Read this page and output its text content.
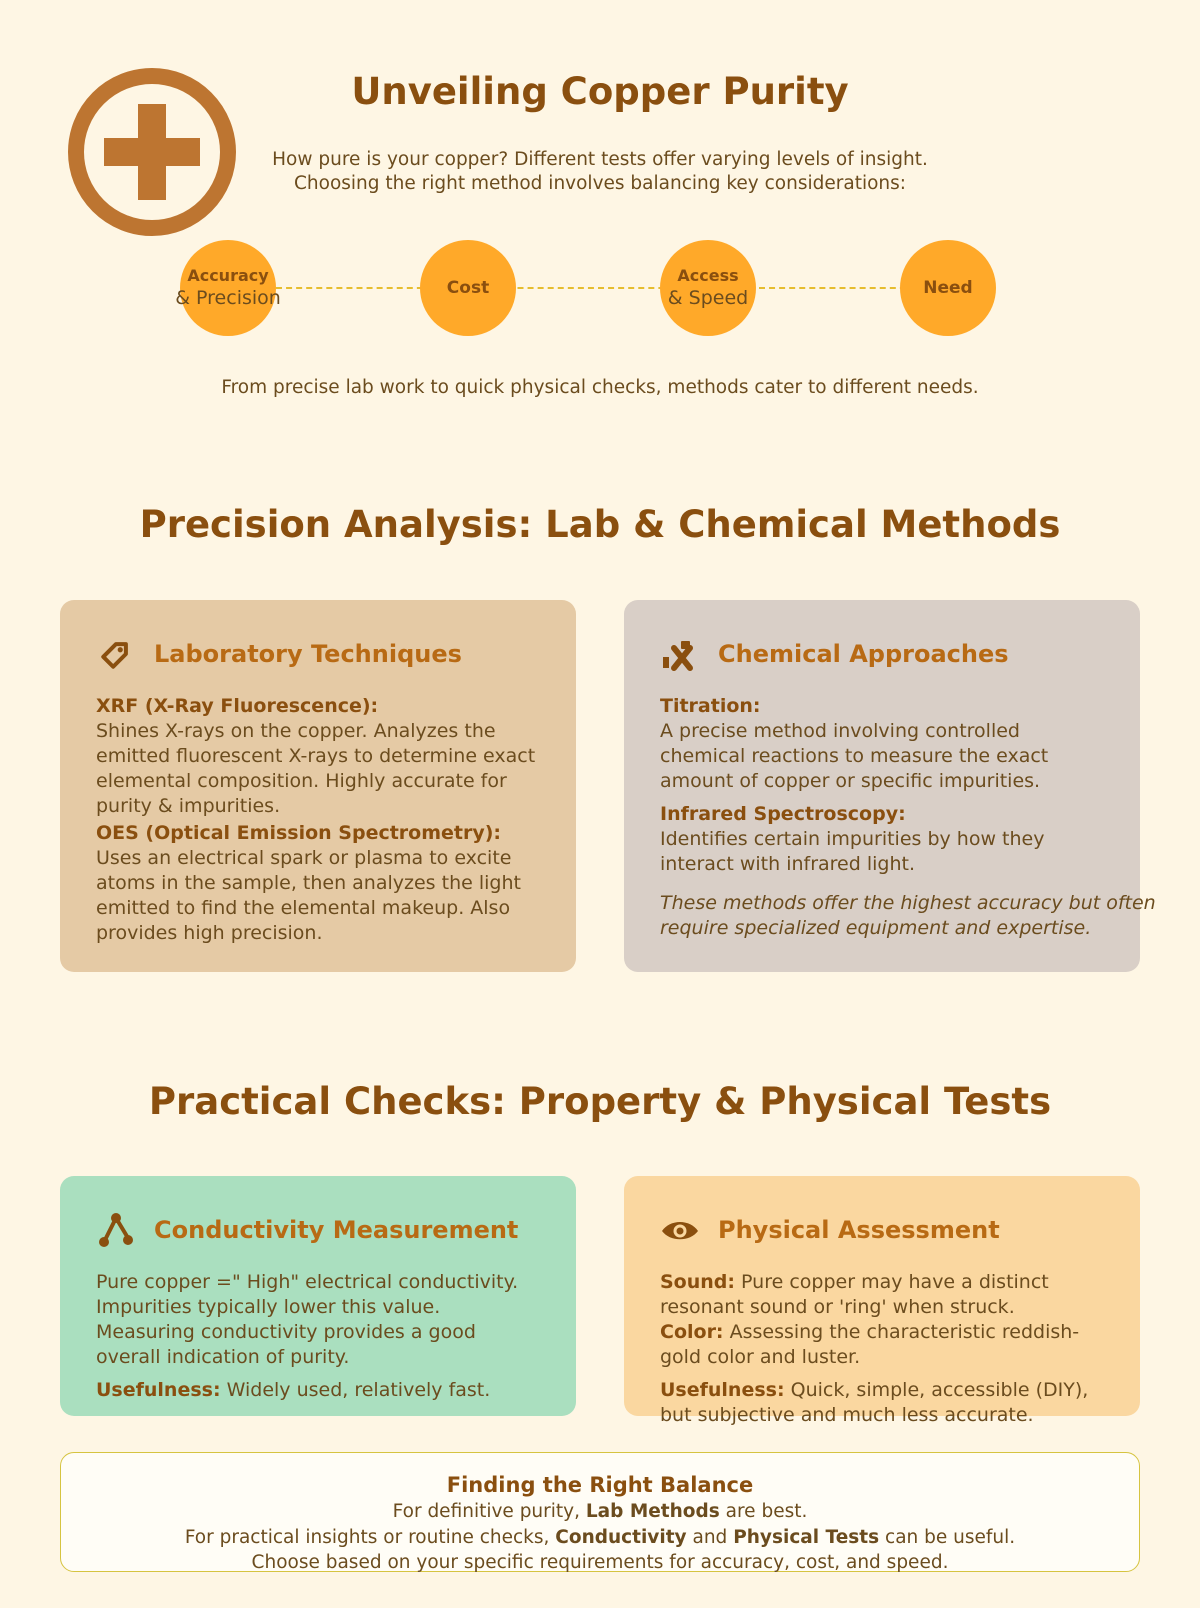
Unveiling Copper Purity
How pure is your copper? Different tests offer varying levels of insight.
Choosing the right method involves balancing key considerations:
Accuracy
& Precision	Cost
Access
& Speed	Need
From precise lab work to quick physical checks, methods cater to different needs.
Precision Analysis: Lab & Chemical Methods
Laboratory Techniques

XRF (X-Ray Fluorescence):
Shines X-rays on the copper. Analyzes the emitted fluorescent X-rays to determine exact elemental composition. Highly accurate for purity & impurities.

OES (Optical Emission Spectrometry):
Uses an electrical spark or plasma to excite atoms in the sample, then analyzes the light emitted to find the elemental makeup. Also provides high precision.

Chemical Approaches

Titration:
A precise method involving controlled chemical reactions to measure the exact amount of copper or specific impurities.

Infrared Spectroscopy:
Identifies certain impurities by how they interact with infrared light.

These methods offer the highest accuracy but often
require specialized equipment and expertise.

Practical Checks: Property & Physical Tests
Conductivity Measurement

Pure copper =" High" electrical conductivity. Impurities typically lower this value. Measuring conductivity provides a good overall indication of purity.

Usefulness: Widely used, relatively fast.

Physical Assessment

Sound: Pure copper may have a distinct resonant sound or 'ring' when struck.

Color: Assessing the characteristic reddish-gold color and luster.

Usefulness: Quick, simple, accessible (DIY), but subjective and much less accurate.

Finding the Right Balance

For definitive purity, Lab Methods are best.

For practical insights or routine checks, Conductivity and Physical Tests can be useful.

Choose based on your specific requirements for accuracy, cost, and speed.
